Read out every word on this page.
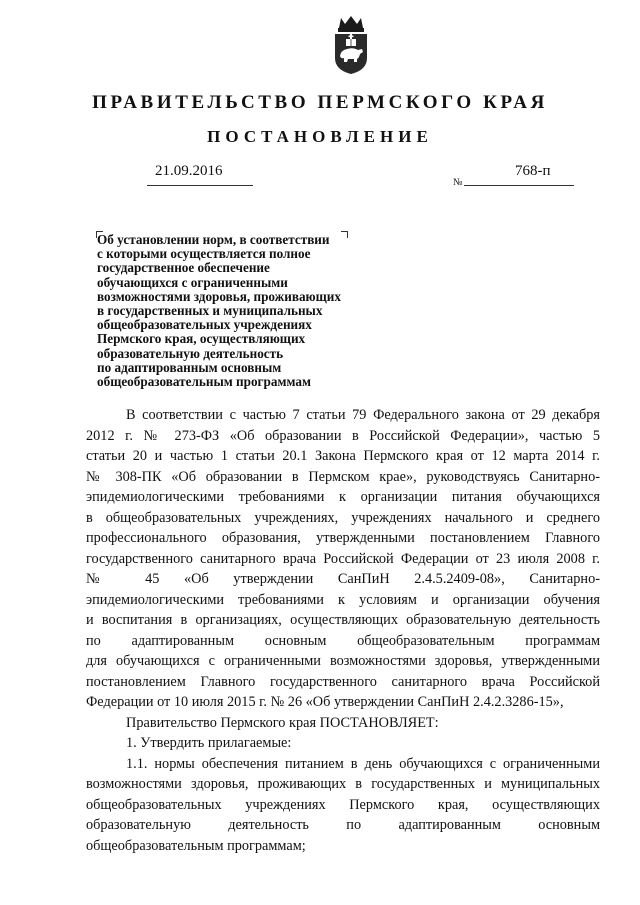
ПРАВИТЕЛЬСТВО ПЕРМСКОГО КРАЯ
ПОСТАНОВЛЕНИЕ
21.09.2016
№
768-п
Об установлении норм, в соответствии
с которыми осуществляется полное
государственное обеспечение
обучающихся с ограниченными
возможностями здоровья, проживающих
в государственных и муниципальных
общеобразовательных учреждениях
Пермского края, осуществляющих
образовательную деятельность
по адаптированным основным
общеобразовательным программам
В соответствии с частью 7 статьи 79 Федерального закона от 29 декабря
2012 г. № 273-ФЗ «Об образовании в Российской Федерации», частью 5
статьи 20 и частью 1 статьи 20.1 Закона Пермского края от 12 марта 2014 г.
№ 308-ПК «Об образовании в Пермском крае», руководствуясь Санитарно-
эпидемиологическими требованиями к организации питания обучающихся
в общеобразовательных учреждениях, учреждениях начального и среднего
профессионального образования, утвержденными постановлением Главного
государственного санитарного врача Российской Федерации от 23 июля 2008 г.
№ 45 «Об утверждении СанПиН 2.4.5.2409-08», Санитарно-
эпидемиологическими требованиями к условиям и организации обучения
и воспитания в организациях, осуществляющих образовательную деятельность
по адаптированным основным общеобразовательным программам
для обучающихся с ограниченными возможностями здоровья, утвержденными
постановлением Главного государственного санитарного врача Российской
Федерации от 10 июля 2015 г. № 26 «Об утверждении СанПиН 2.4.2.3286-15»,
Правительство Пермского края ПОСТАНОВЛЯЕТ:
1. Утвердить прилагаемые:
1.1. нормы обеспечения питанием в день обучающихся с ограниченными
возможностями здоровья, проживающих в государственных и муниципальных
общеобразовательных учреждениях Пермского края, осуществляющих
образовательную деятельность по адаптированным основным
общеобразовательным программам;
